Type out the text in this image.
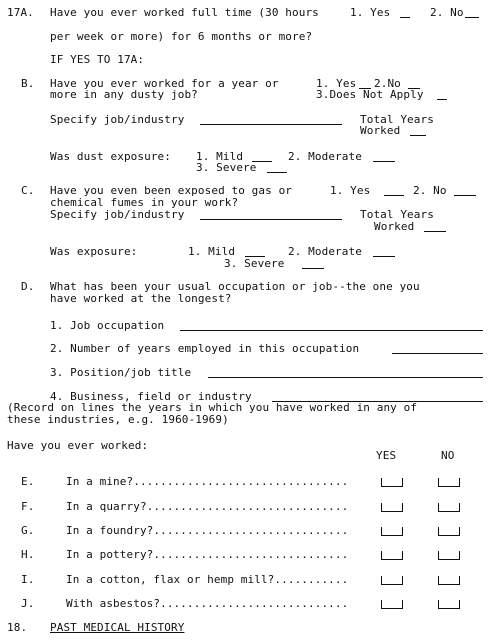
17A. Have you ever worked full time (30 hours	1. Yes	2. No
per week or more) for 6 months or more?
IF YES TO 17A:
B. Have you ever worked for a year or
more in any dusty job?
1. Yes 2.No
3.Does Not Apply
Specify job/industry	Total Years
Worked
Was dust exposure: 1. Mild	2. Moderate
3. Severe
C. Have you even been exposed to gas or
chemical fumes in your work?
1. Yes	2. No
Specify job/industry	Total Years
Worked
Was exposure:	1. Mild	2. Moderate
3. Severe
D. What has been your usual occupation or job--the one you
have worked at the longest?
1. Job occupation
2. Number of years employed in this occupation
3. Position/job title
4. Business, field or industry
(Record on lines the years in which you have worked in any of
these industries, e.g. 1960-1969)
Have you ever worked:
YES	NO
E.	In a mine?................................
F.	In a quarry?..............................
G.	In a foundry?.............................
H.	In a pottery?.............................
I.	In a cotton, flax or hemp mill?...........
J.	With asbestos?............................
18. PAST MEDICAL HISTORY
